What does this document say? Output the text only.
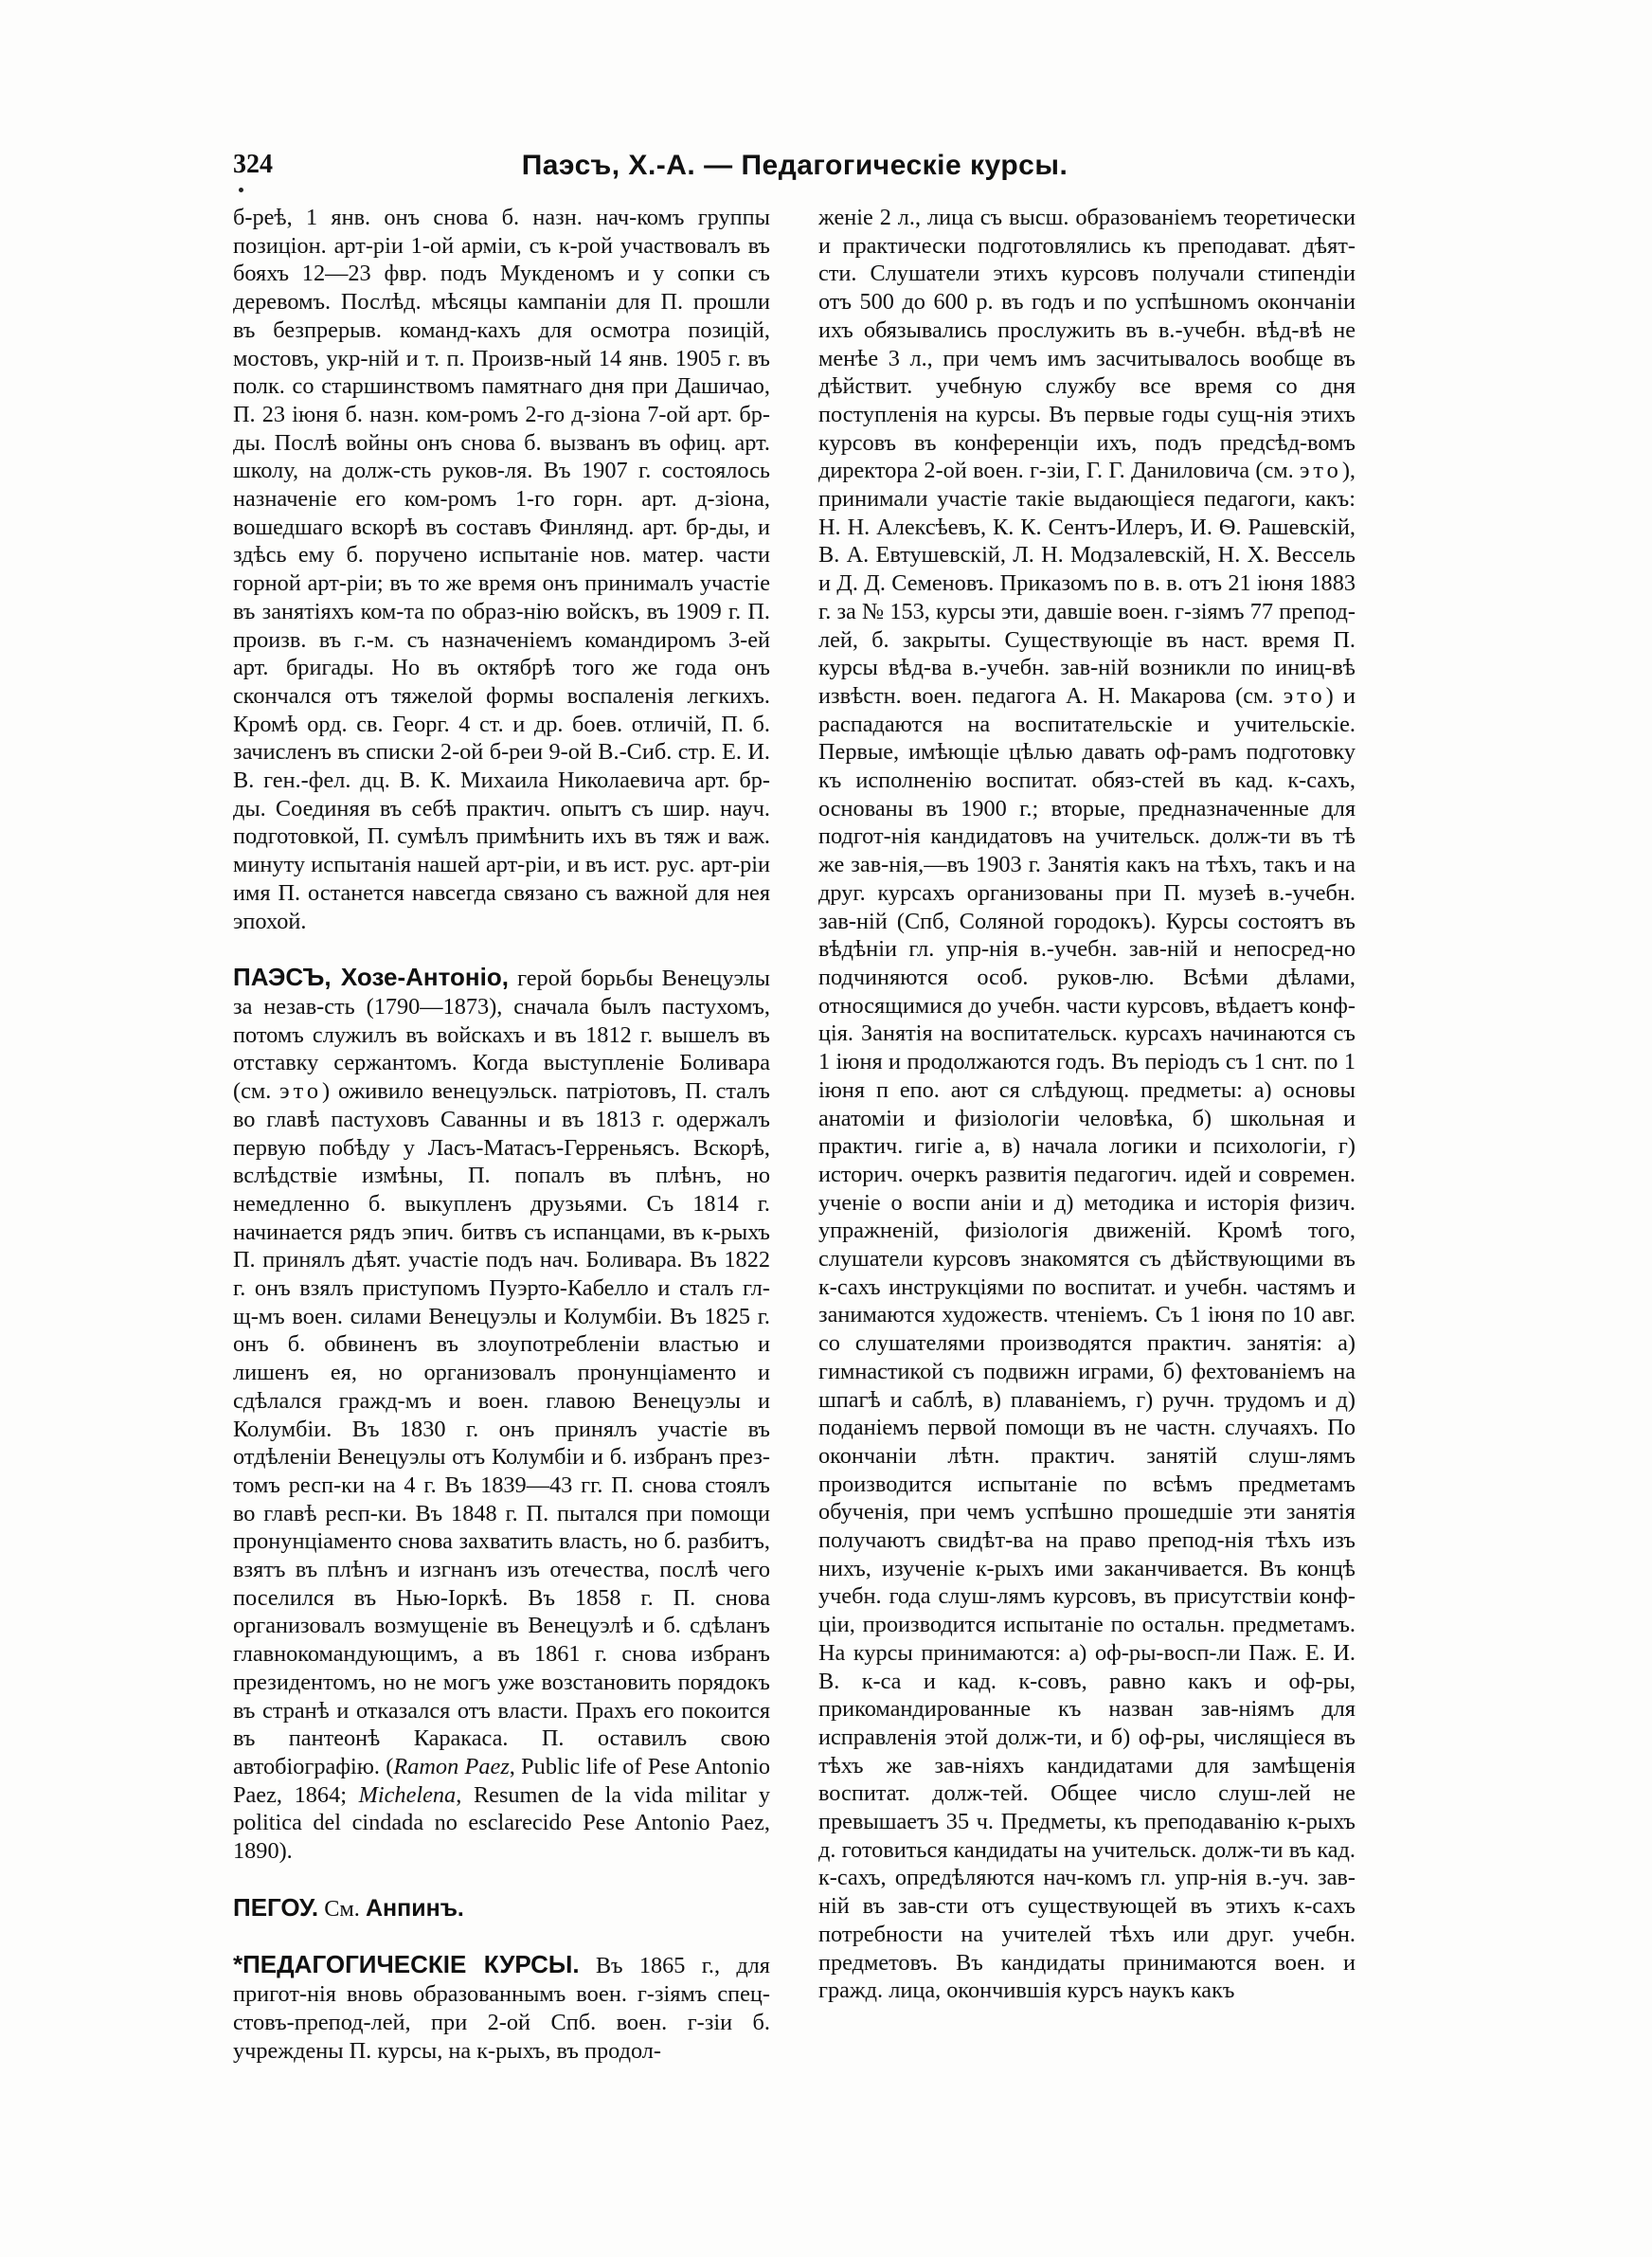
324	Паэсъ, Х.-А. — Педагогическіе курсы.

б-реѣ, 1 янв. онъ снова б. назн. нач-комъ группы позиціон. арт-ріи 1-ой арміи, съ к-рой участвовалъ въ бояхъ 12—23 фвр. подъ Мукденомъ и у сопки съ деревомъ. Послѣд. мѣсяцы кампаніи для П. прошли въ безпрерыв. команд-кахъ для осмотра позицій, мостовъ, укр-ній и т. п. Произв-ный 14 янв. 1905 г. въ полк. со старшинствомъ памятнаго дня при Дашичао, П. 23 іюня б. назн. ком-ромъ 2-го д-зіона 7-ой арт. бр-ды. Послѣ войны онъ снова б. вызванъ въ офиц. арт. школу, на долж-сть руков-ля. Въ 1907 г. состоялось назначеніе его ком-ромъ 1-го горн. арт. д-зіона, вошедшаго вскорѣ въ составъ Финлянд. арт. бр-ды, и здѣсь ему б. поручено испытаніе нов. матер. части горной арт-ріи; въ то же время онъ принималъ участіе въ занятіяхъ ком-та по образ-нію войскъ, въ 1909 г. П. произв. въ г.-м. съ назначеніемъ командиромъ 3-ей арт. бригады. Но въ октябрѣ того же года онъ скончался отъ тяжелой формы воспаленія легкихъ. Кромѣ орд. св. Георг. 4 ст. и др. боев. отличій, П. б. зачисленъ въ списки 2-ой б-реи 9-ой В.-Сиб. стр. Е. И. В. ген.-фел. дц. В. К. Михаила Николаевича арт. бр-ды. Соединяя въ себѣ практич. опытъ съ шир. науч. подготовкой, П. сумѣлъ примѣнить ихъ въ тяж и важ. минуту испытанія нашей арт-ріи, и въ ист. рус. арт-ріи имя П. останется навсегда связано съ важной для нея эпохой.

ПАЭСЪ, Хозе-Антоніо, герой борьбы Венецуэлы за незав-сть (1790—1873), сначала былъ пастухомъ, потомъ служилъ въ войскахъ и въ 1812 г. вышелъ въ отставку сержантомъ. Когда выступленіе Боливара (см. это) оживило венецуэльск. патріотовъ, П. сталъ во главѣ пастуховъ Саванны и въ 1813 г. одержалъ первую побѣду у Ласъ-Матасъ-Герреньясъ. Вскорѣ, вслѣдствіе измѣны, П. попалъ въ плѣнъ, но немедленно б. выкупленъ друзьями. Съ 1814 г. начинается рядъ эпич. битвъ съ испанцами, въ к-рыхъ П. принялъ дѣят. участіе подъ нач. Боливара. Въ 1822 г. онъ взялъ приступомъ Пуэрто-Кабелло и сталъ гл-щ-мъ воен. силами Венецуэлы и Колумбіи. Въ 1825 г. онъ б. обвиненъ въ злоупотребленіи властью и лишенъ ея, но организовалъ пронунціаменто и сдѣлался гражд-мъ и воен. главою Венецуэлы и Колумбіи. Въ 1830 г. онъ принялъ участіе въ отдѣленіи Венецуэлы отъ Колумбіи и б. избранъ през-томъ респ-ки на 4 г. Въ 1839—43 гг. П. снова стоялъ во главѣ респ-ки. Въ 1848 г. П. пытался при помощи пронунціаменто снова захватить власть, но б. разбитъ, взятъ въ плѣнъ и изгнанъ изъ отечества, послѣ чего поселился въ Нью-Іоркѣ. Въ 1858 г. П. снова организовалъ возмущеніе въ Венецуэлѣ и б. сдѣланъ главнокомандующимъ, а въ 1861 г. снова избранъ президентомъ, но не могъ уже возстановить порядокъ въ странѣ и отказался отъ власти. Прахъ его покоится въ пантеонѣ Каракаса. П. оставилъ свою автобіографію. (Ramon Paez, Public life of Pese Antonio Paez, 1864; Michelena, Resumen de la vida militar y politica del cindada no esclarecido Pese Antonio Paez, 1890).

ПЕГОУ. См. Анпинъ.

*ПЕДАГОГИЧЕСКІЕ КУРСЫ. Въ 1865 г., для пригот-нія вновь образованнымъ воен. г-зіямъ спец-стовъ-препод-лей, при 2-ой Спб. воен. г-зіи б. учреждены П. курсы, на к-рыхъ, въ продол-

женіе 2 л., лица съ высш. образованіемъ теоретически и практически подготовлялись къ преподават. дѣят-сти. Слушатели этихъ курсовъ получали стипендіи отъ 500 до 600 р. въ годъ и по успѣшномъ окончаніи ихъ обязывались прослужить въ в.-учебн. вѣд-вѣ не менѣе 3 л., при чемъ имъ засчитывалось вообще въ дѣйствит. учебную службу все время со дня поступленія на курсы. Въ первые годы сущ-нія этихъ курсовъ въ конференціи ихъ, подъ предсѣд-вомъ директора 2-ой воен. г-зіи, Г. Г. Даниловича (см. это), принимали участіе такіе выдающіеся педагоги, какъ: Н. Н. Алексѣевъ, К. К. Сентъ-Илеръ, И. Ѳ. Рашевскій, В. А. Евтушевскій, Л. Н. Модзалевскій, Н. Х. Вессель и Д. Д. Семеновъ. Приказомъ по в. в. отъ 21 іюня 1883 г. за № 153, курсы эти, давшіе воен. г-зіямъ 77 препод-лей, б. закрыты. Существующіе въ наст. время П. курсы вѣд-ва в.-учебн. зав-ній возникли по иниц-вѣ извѣстн. воен. педагога А. Н. Макарова (см. это) и распадаются на воспитательскіе и учительскіе. Первые, имѣющіе цѣлью давать оф-рамъ подготовку къ исполненію воспитат. обяз-стей въ кад. к-сахъ, основаны въ 1900 г.; вторые, предназначенные для подгот-нія кандидатовъ на учительск. долж-ти въ тѣ же зав-нія,—въ 1903 г. Занятія какъ на тѣхъ, такъ и на друг. курсахъ организованы при П. музеѣ в.-учебн. зав-ній (Спб, Соляной городокъ). Курсы состоятъ въ вѣдѣніи гл. упр-нія в.-учебн. зав-ній и непосред-но подчиняются особ. руков-лю. Всѣми дѣлами, относящимися до учебн. части курсовъ, вѣдаетъ конф-ція. Занятія на воспитательск. курсахъ начинаются съ 1 іюня и продолжаются годъ. Въ періодъ съ 1 снт. по 1 іюня п епо. ают ся слѣдующ. предметы: а) основы анатоміи и физіологіи человѣка, б) школьная и практич. гигіе а, в) начала логики и психологіи, г) историч. очеркъ развитія педагогич. идей и современ. ученіе о воспи аніи и д) методика и исторія физич. упражненій, физіологія движеній. Кромѣ того, слушатели курсовъ знакомятся съ дѣйствующими въ к-сахъ инструкціями по воспитат. и учебн. частямъ и занимаются художеств. чтеніемъ. Съ 1 іюня по 10 авг. со слушателями производятся практич. занятія: а) гимнастикой съ подвижн играми, б) фехтованіемъ на шпагѣ и саблѣ, в) плаваніемъ, г) ручн. трудомъ и д) поданіемъ первой помощи въ не частн. случаяхъ. По окончаніи лѣтн. практич. занятій слуш-лямъ производится испытаніе по всѣмъ предметамъ обученія, при чемъ успѣшно прошедшіе эти занятія получаютъ свидѣт-ва на право препод-нія тѣхъ изъ нихъ, изученіе к-рыхъ ими заканчивается. Въ концѣ учебн. года слуш-лямъ курсовъ, въ присутствіи конф-ціи, производится испытаніе по остальн. предметамъ. На курсы принимаются: а) оф-ры-восп-ли Паж. Е. И. В. к-са и кад. к-совъ, равно какъ и оф-ры, прикомандированные къ назван зав-ніямъ для исправленія этой долж-ти, и б) оф-ры, числящіеся въ тѣхъ же зав-ніяхъ кандидатами для замѣщенія воспитат. долж-тей. Общее число слуш-лей не превышаетъ 35 ч. Предметы, къ преподаванію к-рыхъ д. готовиться кандидаты на учительск. долж-ти въ кад. к-сахъ, опредѣляются нач-комъ гл. упр-нія в.-уч. зав-ній въ зав-сти отъ существующей въ этихъ к-сахъ потребности на учителей тѣхъ или друг. учебн. предметовъ. Въ кандидаты принимаются воен. и гражд. лица, окончившія курсъ наукъ какъ
